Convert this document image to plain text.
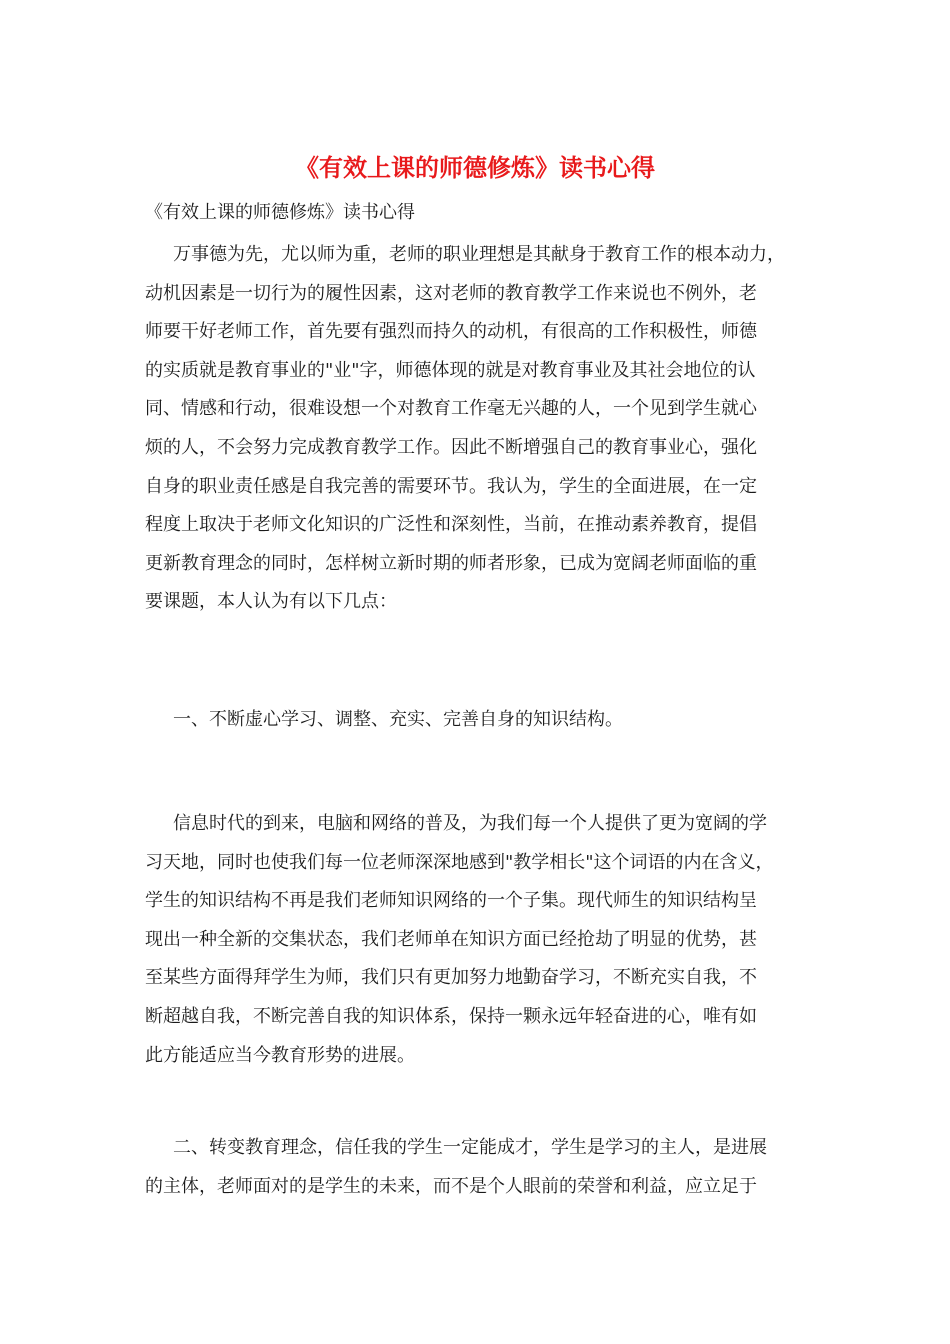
《有效上课的师德修炼》读书心得
《有效上课的师德修炼》读书心得
万事德为先，尤以师为重，老师的职业理想是其献身于教育工作的根本动力，
动机因素是一切行为的履性因素，这对老师的教育教学工作来说也不例外，老
师要干好老师工作，首先要有强烈而持久的动机，有很高的工作积极性，师德
的实质就是教育事业的"业"字，师德体现的就是对教育事业及其社会地位的认
同、情感和行动，很难设想一个对教育工作毫无兴趣的人，一个见到学生就心
烦的人，不会努力完成教育教学工作。因此不断增强自己的教育事业心，强化
自身的职业责任感是自我完善的需要环节。我认为，学生的全面进展，在一定
程度上取决于老师文化知识的广泛性和深刻性，当前，在推动素养教育，提倡
更新教育理念的同时，怎样树立新时期的师者形象，已成为宽阔老师面临的重
要课题，本人认为有以下几点：
一、不断虚心学习、调整、充实、完善自身的知识结构。
信息时代的到来，电脑和网络的普及，为我们每一个人提供了更为宽阔的学
习天地，同时也使我们每一位老师深深地感到"教学相长"这个词语的内在含义，
学生的知识结构不再是我们老师知识网络的一个子集。现代师生的知识结构呈
现出一种全新的交集状态，我们老师单在知识方面已经抢劫了明显的优势，甚
至某些方面得拜学生为师，我们只有更加努力地勤奋学习，不断充实自我，不
断超越自我，不断完善自我的知识体系，保持一颗永远年轻奋进的心，唯有如
此方能适应当今教育形势的进展。
二、转变教育理念，信任我的学生一定能成才，学生是学习的主人，是进展
的主体，老师面对的是学生的未来，而不是个人眼前的荣誉和利益，应立足于
